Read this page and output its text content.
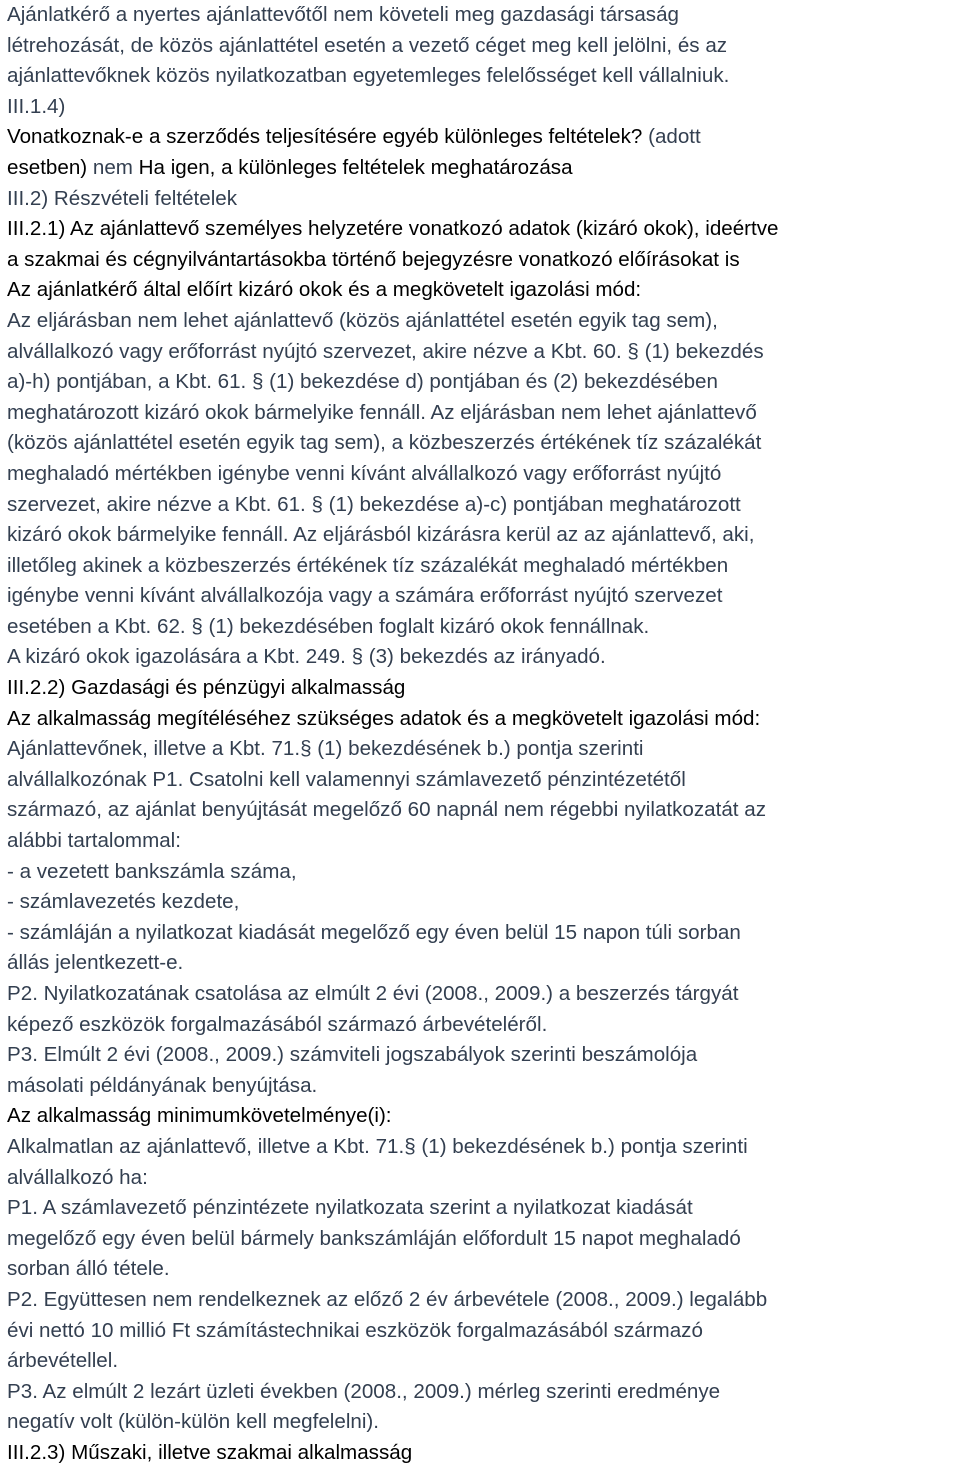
Ajánlatkérő a nyertes ajánlattevőtől nem követeli meg gazdasági társaság
létrehozását, de közös ajánlattétel esetén a vezető céget meg kell jelölni, és az
ajánlattevőknek közös nyilatkozatban egyetemleges felelősséget kell vállalniuk.
III.1.4)
Vonatkoznak-e a szerződés teljesítésére egyéb különleges feltételek? (adott
esetben) nem Ha igen, a különleges feltételek meghatározása
III.2) Részvételi feltételek
III.2.1) Az ajánlattevő személyes helyzetére vonatkozó adatok (kizáró okok), ideértve
a szakmai és cégnyilvántartásokba történő bejegyzésre vonatkozó előírásokat is
Az ajánlatkérő által előírt kizáró okok és a megkövetelt igazolási mód:
Az eljárásban nem lehet ajánlattevő (közös ajánlattétel esetén egyik tag sem),
alvállalkozó vagy erőforrást nyújtó szervezet, akire nézve a Kbt. 60. § (1) bekezdés
a)-h) pontjában, a Kbt. 61. § (1) bekezdése d) pontjában és (2) bekezdésében
meghatározott kizáró okok bármelyike fennáll. Az eljárásban nem lehet ajánlattevő
(közös ajánlattétel esetén egyik tag sem), a közbeszerzés értékének tíz százalékát
meghaladó mértékben igénybe venni kívánt alvállalkozó vagy erőforrást nyújtó
szervezet, akire nézve a Kbt. 61. § (1) bekezdése a)-c) pontjában meghatározott
kizáró okok bármelyike fennáll. Az eljárásból kizárásra kerül az az ajánlattevő, aki,
illetőleg akinek a közbeszerzés értékének tíz százalékát meghaladó mértékben
igénybe venni kívánt alvállalkozója vagy a számára erőforrást nyújtó szervezet
esetében a Kbt. 62. § (1) bekezdésében foglalt kizáró okok fennállnak.
A kizáró okok igazolására a Kbt. 249. § (3) bekezdés az irányadó.
III.2.2) Gazdasági és pénzügyi alkalmasság
Az alkalmasság megítéléséhez szükséges adatok és a megkövetelt igazolási mód:
Ajánlattevőnek, illetve a Kbt. 71.§ (1) bekezdésének b.) pontja szerinti
alvállalkozónak P1. Csatolni kell valamennyi számlavezető pénzintézetétől
származó, az ajánlat benyújtását megelőző 60 napnál nem régebbi nyilatkozatát az
alábbi tartalommal:
- a vezetett bankszámla száma,
- számlavezetés kezdete,
- számláján a nyilatkozat kiadását megelőző egy éven belül 15 napon túli sorban
állás jelentkezett-e.
P2. Nyilatkozatának csatolása az elmúlt 2 évi (2008., 2009.) a beszerzés tárgyát
képező eszközök forgalmazásából származó árbevételéről.
P3. Elmúlt 2 évi (2008., 2009.) számviteli jogszabályok szerinti beszámolója
másolati példányának benyújtása.
Az alkalmasság minimumkövetelménye(i):
Alkalmatlan az ajánlattevő, illetve a Kbt. 71.§ (1) bekezdésének b.) pontja szerinti
alvállalkozó ha:
P1. A számlavezető pénzintézete nyilatkozata szerint a nyilatkozat kiadását
megelőző egy éven belül bármely bankszámláján előfordult 15 napot meghaladó
sorban álló tétele.
P2. Együttesen nem rendelkeznek az előző 2 év árbevétele (2008., 2009.) legalább
évi nettó 10 millió Ft számítástechnikai eszközök forgalmazásából származó
árbevétellel.
P3. Az elmúlt 2 lezárt üzleti években (2008., 2009.) mérleg szerinti eredménye
negatív volt (külön-külön kell megfelelni).
III.2.3) Műszaki, illetve szakmai alkalmasság
